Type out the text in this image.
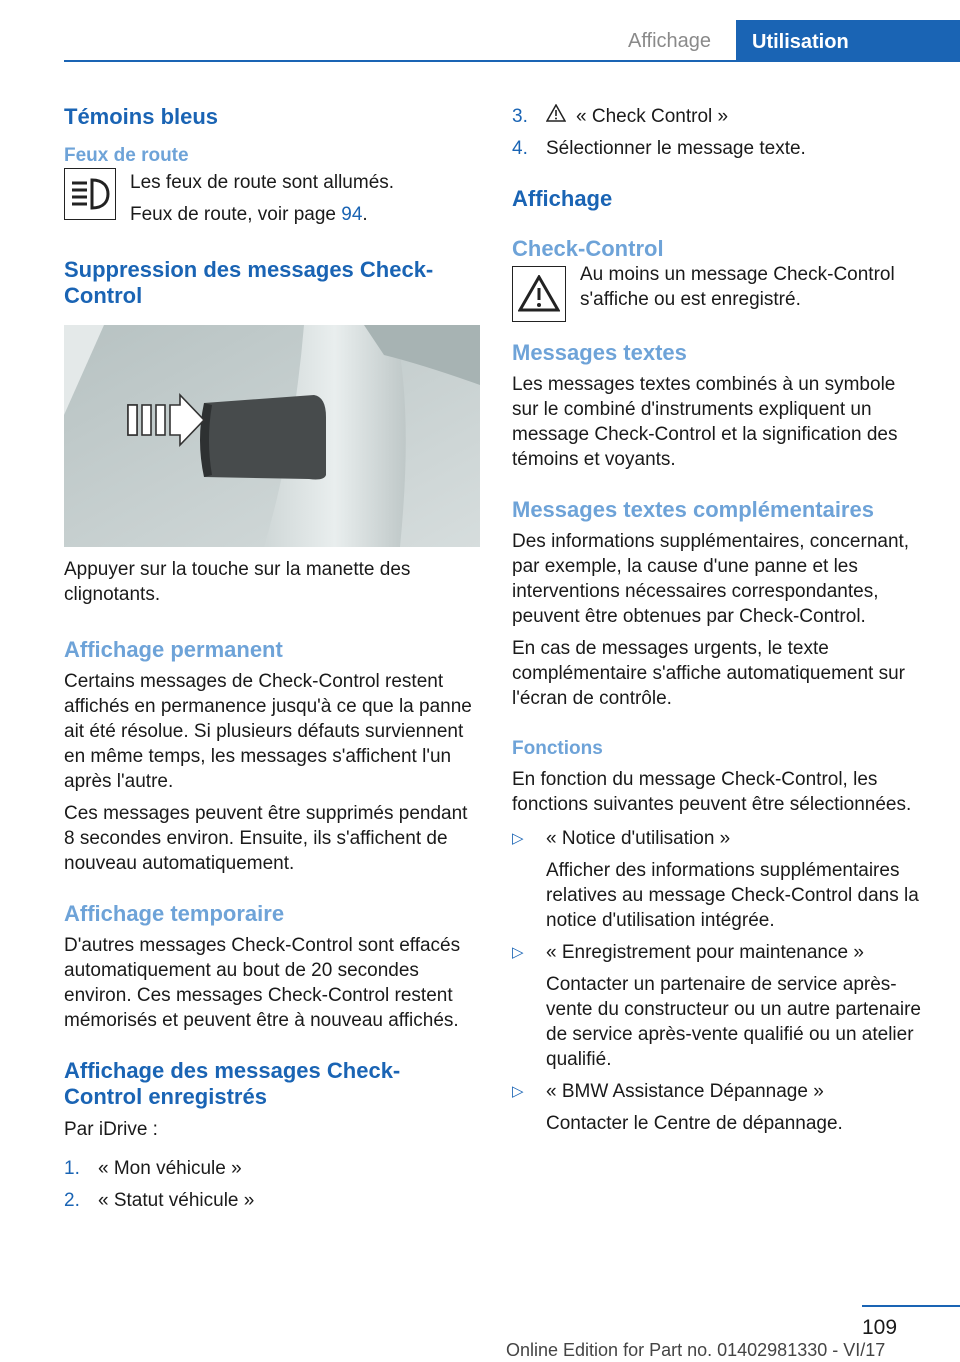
Affichage	Utilisation
Témoins bleus
Feux de route

Les feux de route sont allumés.

Feux de route, voir page 94.

Suppression des messages Check-Control

Appuyer sur la touche sur la manette des clignotants.

Affichage permanent

Certains messages de Check-Control restent affichés en permanence jusqu'à ce que la panne ait été résolue. Si plusieurs défauts surviennent en même temps, les messages s'affichent l'un après l'autre.

Ces messages peuvent être supprimés pendant 8 secondes environ. Ensuite, ils s'affichent de nouveau automatiquement.

Affichage temporaire

D'autres messages Check-Control sont effacés automatiquement au bout de 20 secondes environ. Ces messages Check-Control restent mémorisés et peuvent être à nouveau affichés.

Affichage des messages Check-Control enregistrés

Par iDrive :

1. « Mon véhicule »
2. « Statut véhicule »
3.	« Check Control »
4. Sélectionner le message texte.
Affichage
Check-Control

Au moins un message Check-Control s'affiche ou est enregistré.

Messages textes

Les messages textes combinés à un symbole sur le combiné d'instruments expliquent un message Check-Control et la signification des témoins et voyants.

Messages textes complémentaires

Des informations supplémentaires, concernant, par exemple, la cause d'une panne et les interventions nécessaires correspondantes, peuvent être obtenues par Check-Control.

En cas de messages urgents, le texte complémentaire s'affiche automatiquement sur l'écran de contrôle.

Fonctions

En fonction du message Check-Control, les fonctions suivantes peuvent être sélectionnées.

▷	« Notice d'utilisation »

Afficher des informations supplémentaires relatives au message Check-Control dans la notice d'utilisation intégrée.

▷	« Enregistrement pour maintenance »

Contacter un partenaire de service après-vente du constructeur ou un autre partenaire de service après-vente qualifié ou un atelier qualifié.

▷	« BMW Assistance Dépannage »

Contacter le Centre de dépannage.

109
Online Edition for Part no. 01402981330 - VI/17
